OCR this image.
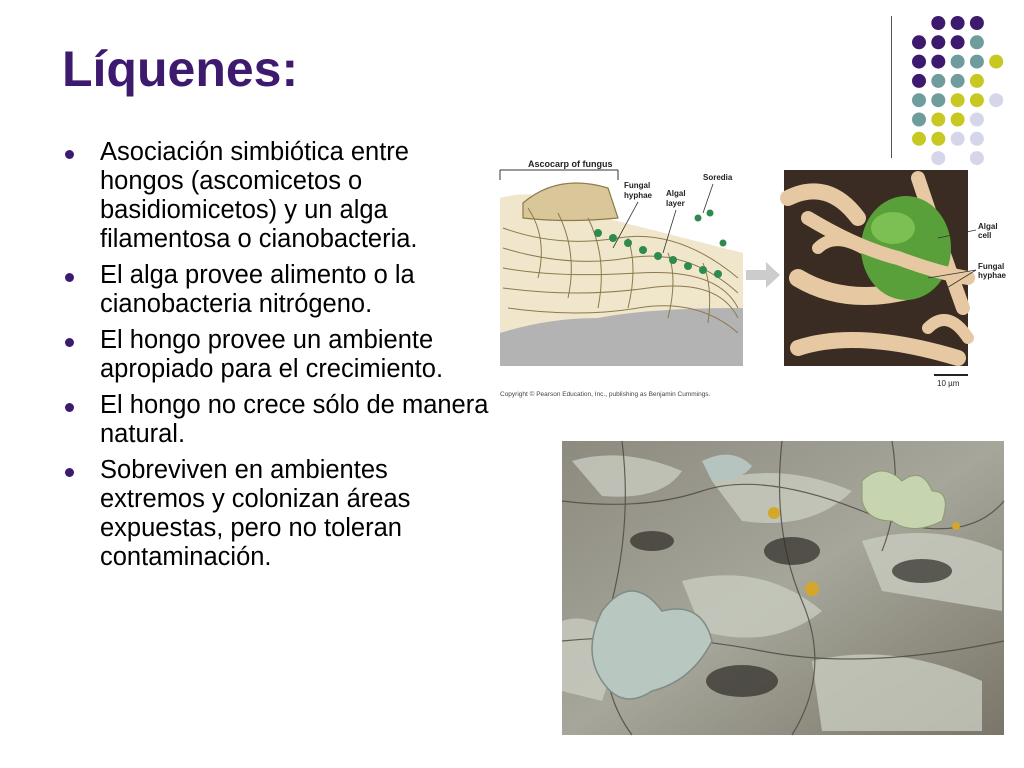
Líquenes:
Asociación simbiótica entre hongos (ascomicetos o basidiomicetos) y un alga filamentosa o cianobacteria.
El alga provee alimento o la cianobacteria nitrógeno.
El hongo provee un ambiente apropiado para el crecimiento.
El hongo no crece sólo de manera natural.
Sobreviven en ambientes extremos y colonizan áreas expuestas, pero no toleran contaminación.
Ascocarp of fungus
Fungal
hyphae Algal
layer
Soredia
Algal
cell
Fungal
hyphae
10 µm
Copyright © Pearson Education, Inc., publishing as Benjamin Cummings.
